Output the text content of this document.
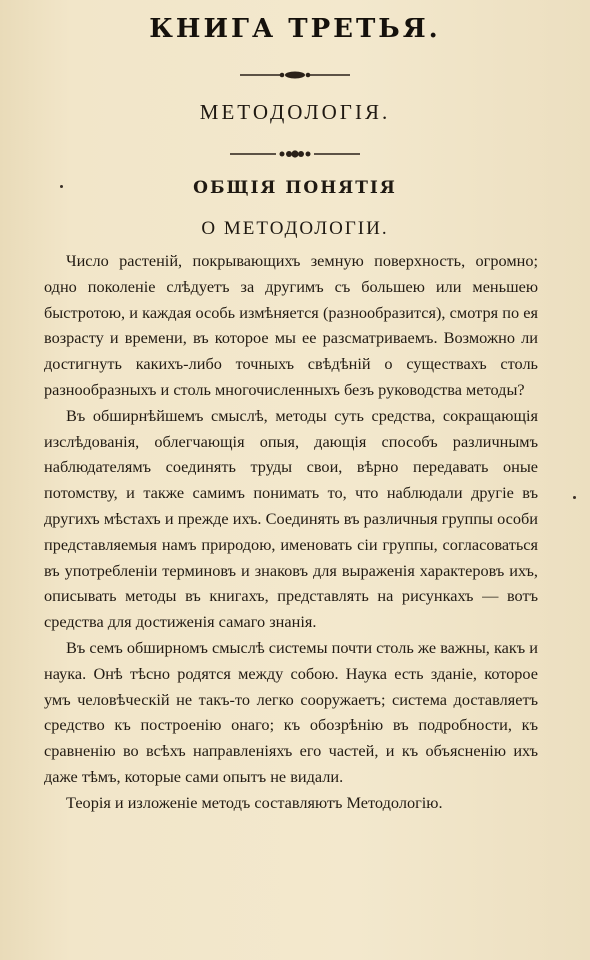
КНИГА ТРЕТЬЯ.
МЕТОДОЛОГІЯ.
ОБЩІЯ ПОНЯТІЯ
О МЕТОДОЛОГІИ.

Число растеній, покрывающихъ земную поверхность, огромно; одно поколеніе слѣдуетъ за другимъ съ большею или меньшею быстротою, и каждая особь измѣняется (разнообразится), смотря по ея возрасту и времени, въ которое мы ее разсматриваемъ. Возможно ли достигнуть какихъ-либо точныхъ свѣдѣній о существахъ столь разнообразныхъ и столь многочисленныхъ безъ руководства методы?

Въ обширнѣйшемъ смыслѣ, методы суть средства, сокращающія изслѣдованія, облегчающія опыя, дающія способъ различнымъ наблюдателямъ соединять труды свои, вѣрно передавать оные потомству, и также самимъ понимать то, что наблюдали другіе въ другихъ мѣстахъ и прежде ихъ. Соединять въ различныя группы особи представляемыя намъ природою, именовать сіи группы, согласоваться въ употребленіи терминовъ и знаковъ для выраженія характеровъ ихъ, описывать методы въ книгахъ, представлять на рисункахъ — вотъ средства для достиженія самаго знанія.

Въ семъ обширномъ смыслѣ системы почти столь же важны, какъ и наука. Онѣ тѣсно родятся между собою. Наука есть зданіе, которое умъ человѣческій не такъ-то легко сооружаетъ; система доставляетъ средство къ построенію онаго; къ обозрѣнію въ подробности, къ сравненію во всѣхъ направленіяхъ его частей, и къ объясненію ихъ даже тѣмъ, которые сами опытъ не видали.

Теорія и изложеніе методъ составляютъ Методологію.
